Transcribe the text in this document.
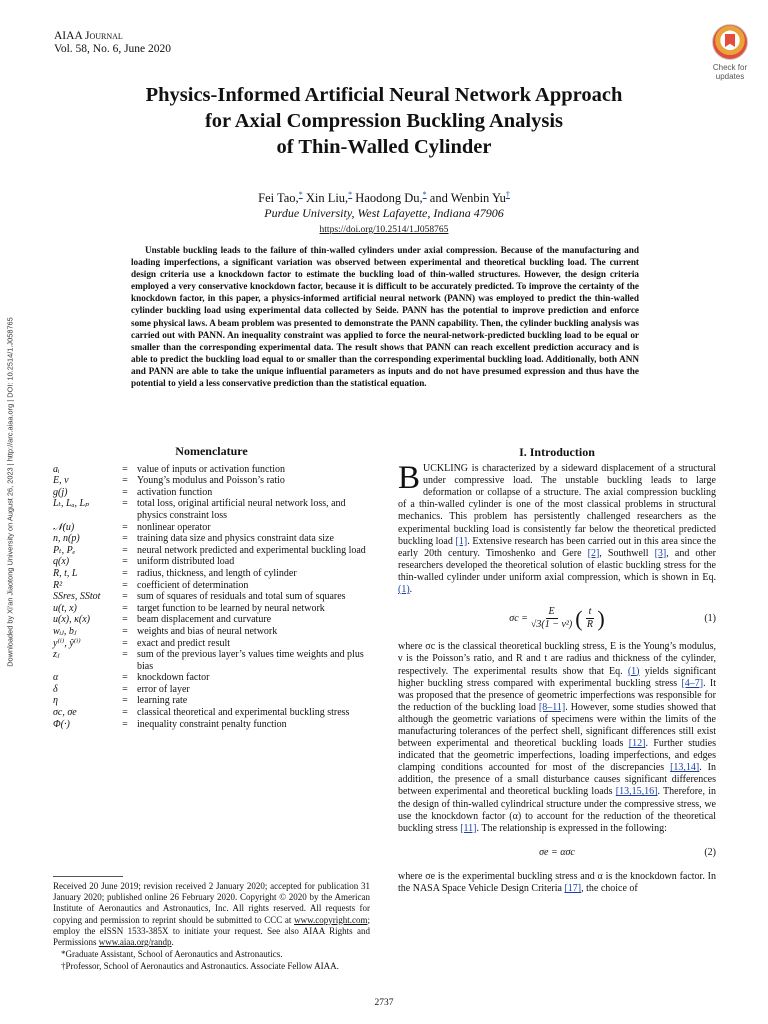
AIAA Journal
Vol. 58, No. 6, June 2020
Check for
updates
Physics-Informed Artificial Neural Network Approach
for Axial Compression Buckling Analysis
of Thin-Walled Cylinder
Fei Tao,* Xin Liu,* Haodong Du,* and Wenbin Yu†
Purdue University, West Lafayette, Indiana 47906
https://doi.org/10.2514/1.J058765
Unstable buckling leads to the failure of thin-walled cylinders under axial compression. Because of the manufacturing and loading imperfections, a significant variation was observed between experimental and theoretical buckling load. The current design criteria use a knockdown factor to estimate the buckling load of thin-walled structures. However, the design criteria employed a very conservative knockdown factor, because it is difficult to be accurately predicted. To improve the certainty of the knockdown factor, in this paper, a physics-informed artificial neural network (PANN) was employed to predict the thin-walled cylinder buckling load using experimental data collected by Seide. PANN has the potential to improve prediction and enforce some physical laws. A beam problem was presented to demonstrate the PANN capability. Then, the cylinder buckling analysis was carried out with PANN. An inequality constraint was applied to force the neural-network-predicted buckling load to be equal or smaller than the corresponding experimental data. The result shows that PANN can reach excellent prediction accuracy and is able to predict the buckling load equal to or smaller than the corresponding experimental buckling load. Additionally, both ANN and PANN are able to take the unique influential parameters as inputs and do not have presumed expression and thus have the potential to yield a less conservative prediction than the statistical equation.
Downloaded by Xi'an Jiaotong University on August 26, 2023 | http://arc.aiaa.org | DOI: 10.2514/1.J058765	Nomenclature
aᵢ	= value of inputs or activation function
E, ν	= Young’s modulus and Poisson’s ratio
g(j)	= activation function
Lₜ, Lₐ, Lₚ	= total loss, original artificial neural network loss, and physics constraint loss
𝒩(u)	= nonlinear operator
n, n(p)	= training data size and physics constraint data size
Pₜ, Pₑ	= neural network predicted and experimental buckling load
q(x)	= uniform distributed load
R, t, L	= radius, thickness, and length of cylinder
R²	= coefficient of determination
SSres, SStot	= sum of squares of residuals and total sum of squares
u(t, x)	= target function to be learned by neural network
u(x), κ(x)	= beam displacement and curvature
wᵢⱼ, bⱼ	= weights and bias of neural network
y⁽ⁱ⁾, ŷ⁽ⁱ⁾	= exact and predict result
zⱼ	= sum of the previous layer’s values time weights and plus bias
α	= knockdown factor
δ	= error of layer
η	= learning rate
σc, σe	= classical theoretical and experimental buckling stress
Φ(·)	= inequality constraint penalty function

Received 20 June 2019; revision received 2 January 2020; accepted for publication 31 January 2020; published online 26 February 2020. Copyright © 2020 by the American Institute of Aeronautics and Astronautics, Inc. All rights reserved. All requests for copying and permission to reprint should be submitted to CCC at www.copyright.com; employ the eISSN 1533-385X to initiate your request. See also AIAA Rights and Permissions www.aiaa.org/randp.

*Graduate Assistant, School of Aeronautics and Astronautics.

†Professor, School of Aeronautics and Astronautics. Associate Fellow AIAA.

I. Introduction

BUCKLING is characterized by a sideward displacement of a structural under compressive load. The unstable buckling leads to large deformation or collapse of a structure. The axial compression buckling of a thin-walled cylinder is one of the most classical problems in structural mechanics. This problem has persistently challenged researchers as the experimental buckling load is consistently far below the theoretical predicted buckling load [1]. Extensive research has been carried out in this area since the early 20th century. Timoshenko and Gere [2], Southwell [3], and other researchers developed the theoretical solution of elastic buckling stress for the thin-walled cylinder under uniform axial compression, which is shown in Eq. (1).

$\sigma c = \frac{E}{\text{√3(1 − ν²)}}$ ( $\frac{t}{R}$ )	(1)

where σc is the classical theoretical buckling stress, E is the Young’s modulus, ν is the Poisson’s ratio, and R and t are radius and thickness of the cylinder, respectively. The experimental results show that Eq. (1) yields significant higher buckling stress compared with experimental buckling stress [4–7]. It was proposed that the presence of geometric imperfections was responsible for the reduction of the buckling load [8–11]. However, some studies showed that although the geometric variations of specimens were within the limits of the manufacturing tolerances of the perfect shell, significant differences still exist between experimental and theoretical buckling loads [12]. Further studies indicated that the geometric imperfections, loading imperfections, and edges clamping conditions accounted for most of the discrepancies [13,14]. In addition, the presence of a small disturbance causes significant differences between experimental and theoretical buckling loads [13,15,16]. Therefore, in the design of thin-walled cylindrical structure under the compressive stress, we use the knockdown factor (α) to account for the reduction of the theoretical buckling stress [11]. The relationship is expressed in the following:

σe = ασc	(2)

where σe is the experimental buckling stress and α is the knockdown factor. In the NASA Space Vehicle Design Criteria [17], the choice of

2737
